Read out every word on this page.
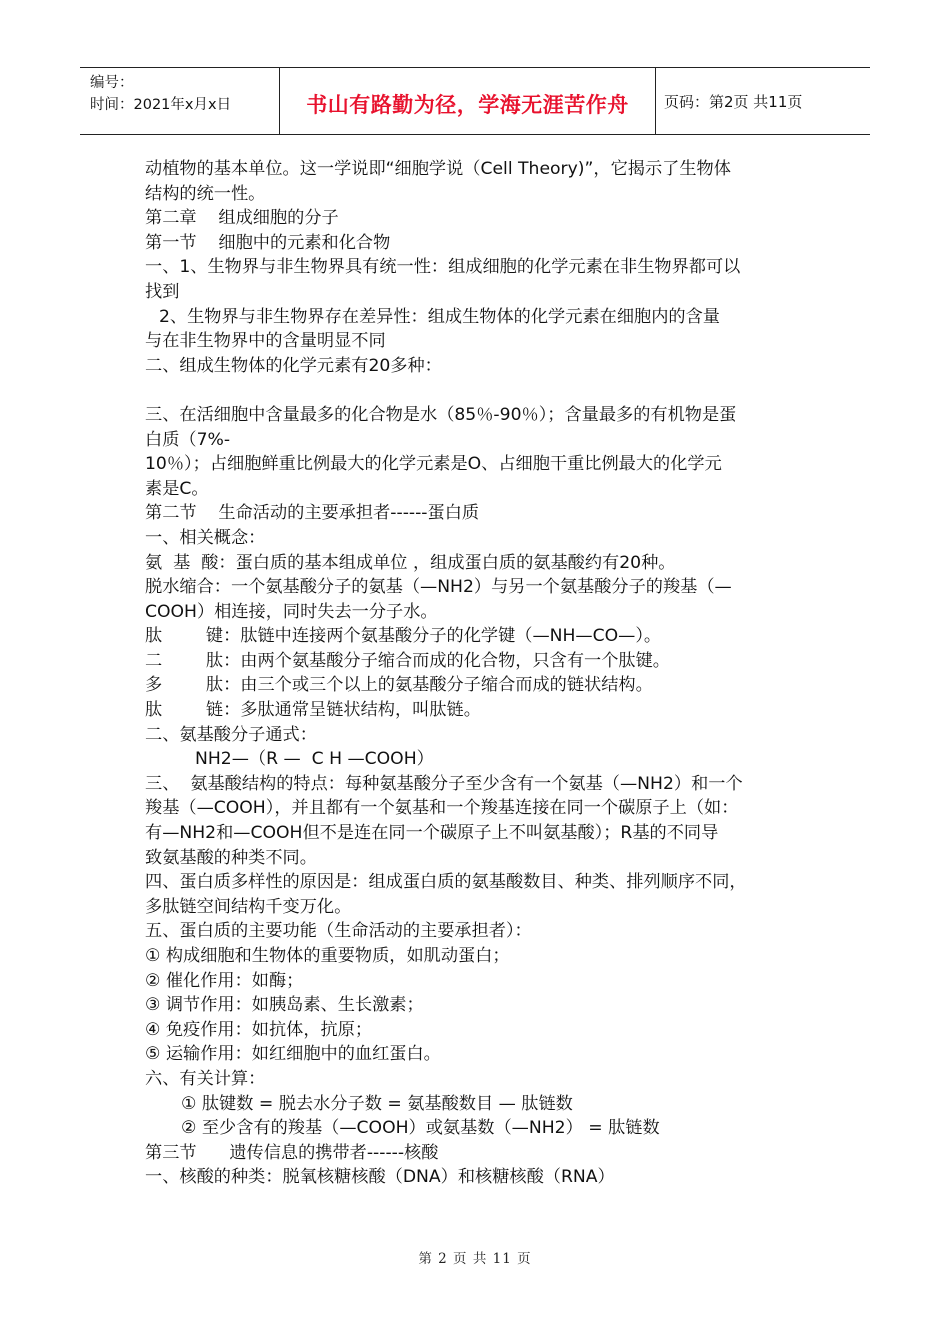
编号：
时间：2021年x月x日	书山有路勤为径，学海无涯苦作舟 页码：第2页 共11页

动植物的基本单位。这一学说即“细胞学说（Cell Theory)”，它揭示了生物体

结构的统一性。

第二章    组成细胞的分子

第一节    细胞中的元素和化合物

一、1、生物界与非生物界具有统一性：组成细胞的化学元素在非生物界都可以

找到

2、生物界与非生物界存在差异性：组成生物体的化学元素在细胞内的含量

与在非生物界中的含量明显不同

二、组成生物体的化学元素有20多种：

三、在活细胞中含量最多的化合物是水（85％-90％）；含量最多的有机物是蛋

白质（7%-

10％）；占细胞鲜重比例最大的化学元素是O、占细胞干重比例最大的化学元

素是C。

第二节    生命活动的主要承担者------蛋白质

一、相关概念：

氨  基  酸：蛋白质的基本组成单位 ，组成蛋白质的氨基酸约有20种。

脱水缩合：一个氨基酸分子的氨基（—NH2）与另一个氨基酸分子的羧基（—

COOH）相连接，同时失去一分子水。

肽        键：肽链中连接两个氨基酸分子的化学键（—NH—CO—）。

二        肽：由两个氨基酸分子缩合而成的化合物，只含有一个肽键。

多        肽：由三个或三个以上的氨基酸分子缩合而成的链状结构。

肽        链：多肽通常呈链状结构，叫肽链。

二、氨基酸分子通式：

NH2—（R —  C H —COOH）

三、  氨基酸结构的特点：每种氨基酸分子至少含有一个氨基（—NH2）和一个

羧基（—COOH），并且都有一个氨基和一个羧基连接在同一个碳原子上（如：

有—NH2和—COOH但不是连在同一个碳原子上不叫氨基酸）；R基的不同导

致氨基酸的种类不同。

四、蛋白质多样性的原因是：组成蛋白质的氨基酸数目、种类、排列顺序不同，

多肽链空间结构千变万化。

五、蛋白质的主要功能（生命活动的主要承担者）：

① 构成细胞和生物体的重要物质，如肌动蛋白；

② 催化作用：如酶；

③ 调节作用：如胰岛素、生长激素；

④ 免疫作用：如抗体，抗原；

⑤ 运输作用：如红细胞中的血红蛋白。

六、有关计算：

① 肽键数 = 脱去水分子数 = 氨基酸数目 — 肽链数

② 至少含有的羧基（—COOH）或氨基数（—NH2） = 肽链数

第三节      遗传信息的携带者------核酸

一、核酸的种类：脱氧核糖核酸（DNA）和核糖核酸（RNA）

第 2 页 共 11 页
